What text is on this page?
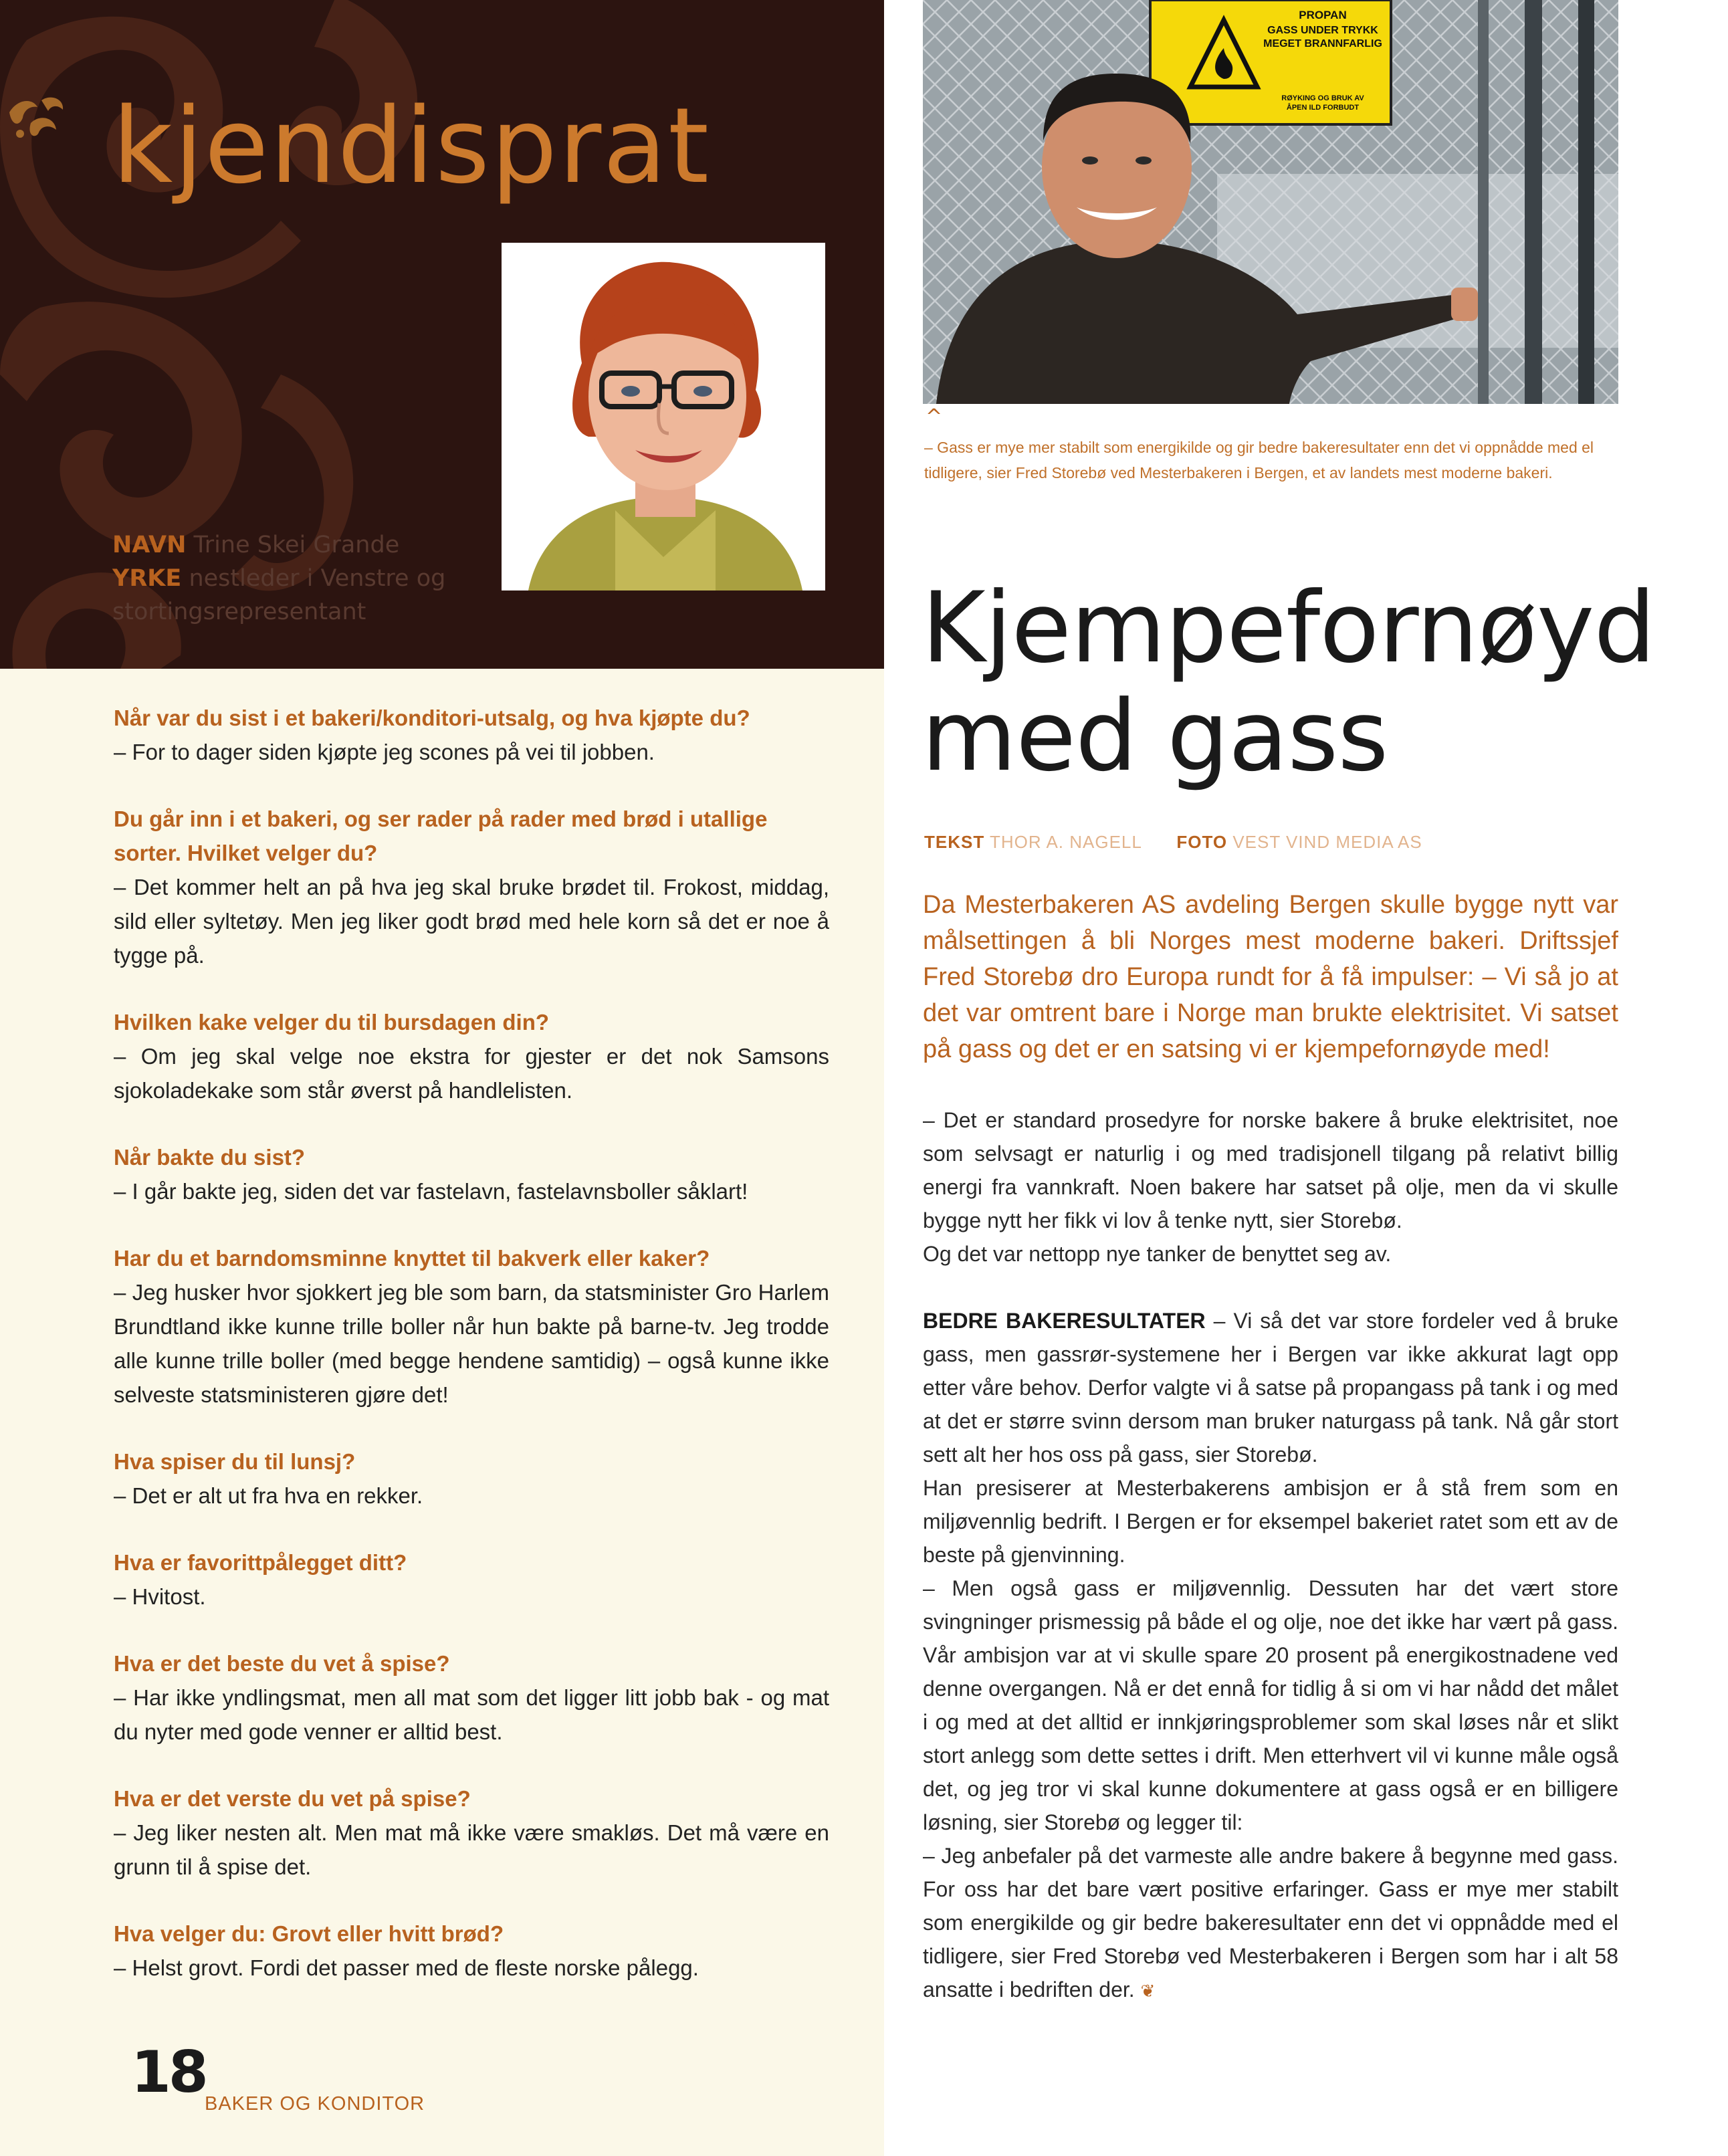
kjendisprat
NAVN Trine Skei Grande
YRKE nestleder i Venstre og stortingsrepresentant

Når var du sist i et bakeri/konditori-utsalg, og hva kjøpte du?

– For to dager siden kjøpte jeg scones på vei til jobben.

Du går inn i et bakeri, og ser rader på rader med brød i utallige sorter. Hvilket velger du?

– Det kommer helt an på hva jeg skal bruke brødet til. Frokost, middag, sild eller syltetøy. Men jeg liker godt brød med hele korn så det er noe å tygge på.

Hvilken kake velger du til bursdagen din?

– Om jeg skal velge noe ekstra for gjester er det nok Samsons sjokoladekake som står øverst på handlelisten.

Når bakte du sist?

– I går bakte jeg, siden det var fastelavn, fastelavnsboller såklart!

Har du et barndomsminne knyttet til bakverk eller kaker?

– Jeg husker hvor sjokkert jeg ble som barn, da statsminister Gro Harlem Brundtland ikke kunne trille boller når hun bakte på barne-tv. Jeg trodde alle kunne trille boller (med begge hendene samtidig) – også kunne ikke selveste statsministeren gjøre det!

Hva spiser du til lunsj?

– Det er alt ut fra hva en rekker.

Hva er favorittpålegget ditt?

– Hvitost.

Hva er det beste du vet å spise?

– Har ikke yndlingsmat, men all mat som det ligger litt jobb bak - og mat du nyter med gode venner er alltid best.

Hva er det verste du vet på spise?

– Jeg liker nesten alt. Men mat må ikke være smakløs. Det må være en grunn til å spise det.

Hva velger du: Grovt eller hvitt brød?

– Helst grovt. Fordi det passer med de fleste norske pålegg.

18
BAKER OG KONDITOR
PROPAN
GASS UNDER TRYKK
MEGET BRANNFARLIG
RØYKING OG BRUK AV
ÅPEN ILD FORBUDT
^

– Gass er mye mer stabilt som energikilde og gir bedre bakeresultater enn det vi oppnådde med el tidligere, sier Fred Storebø ved Mesterbakeren i Bergen, et av landets mest moderne bakeri.

Kjempefornøyd
med gass
TEKST THOR A. NAGELL FOTO VEST VIND MEDIA AS

Da Mesterbakeren AS avdeling Bergen skulle bygge nytt var målsettingen å bli Norges mest moderne bakeri. Driftssjef Fred Storebø dro Europa rundt for å få impulser: – Vi så jo at det var omtrent bare i Norge man brukte elektrisitet. Vi satset på gass og det er en satsing vi er kjempefornøyde med!

– Det er standard prosedyre for norske bakere å bruke elektrisitet, noe som selvsagt er naturlig i og med tradisjonell tilgang på relativt billig energi fra vannkraft. Noen bakere har satset på olje, men da vi skulle bygge nytt her fikk vi lov å tenke nytt, sier Storebø.

Og det var nettopp nye tanker de benyttet seg av.

BEDRE BAKERESULTATER – Vi så det var store fordeler ved å bruke gass, men gassrør-systemene her i Bergen var ikke akkurat lagt opp etter våre behov. Derfor valgte vi å satse på propangass på tank i og med at det er større svinn dersom man bruker naturgass på tank. Nå går stort sett alt her hos oss på gass, sier Storebø.

Han presiserer at Mesterbakerens ambisjon er å stå frem som en miljøvennlig bedrift. I Bergen er for eksempel bakeriet ratet som ett av de beste på gjenvinning.

– Men også gass er miljøvennlig. Dessuten har det vært store svingninger prismessig på både el og olje, noe det ikke har vært på gass. Vår ambisjon var at vi skulle spare 20 prosent på energikostnadene ved denne overgangen. Nå er det ennå for tidlig å si om vi har nådd det målet i og med at det alltid er innkjøringsproblemer som skal løses når et slikt stort anlegg som dette settes i drift. Men etterhvert vil vi kunne måle også det, og jeg tror vi skal kunne dokumentere at gass også er en billigere løsning, sier Storebø og legger til:

– Jeg anbefaler på det varmeste alle andre bakere å begynne med gass. For oss har det bare vært positive erfaringer. Gass er mye mer stabilt som energikilde og gir bedre bakeresultater enn det vi oppnådde med el tidligere, sier Fred Storebø ved Mesterbakeren i Bergen som har i alt 58 ansatte i bedriften der. ❦
